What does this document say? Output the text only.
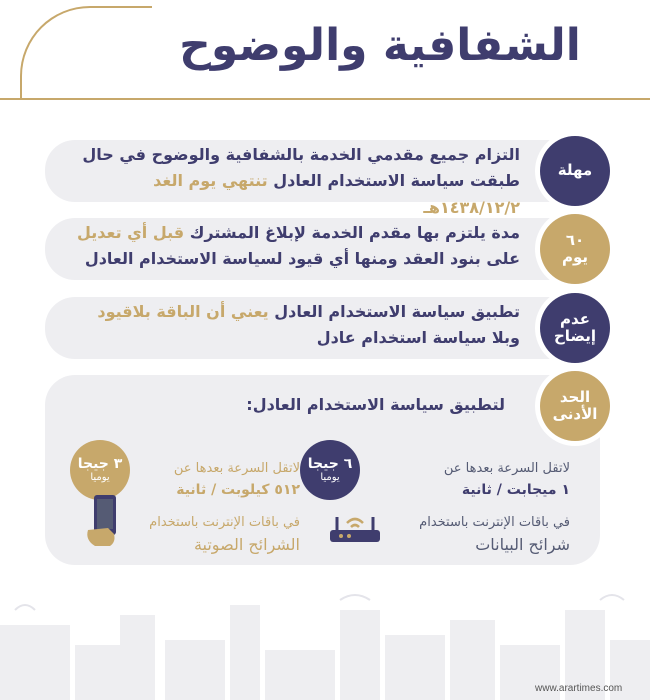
الشفافية والوضوح
مهلة
التزام جميع مقدمي الخدمة بالشفافية والوضوح في حال طبقت سياسة الاستخدام العادل تنتهي يوم الغد ١٤٣٨/١٢/٢هـ
٦٠
يوم
مدة يلتزم بها مقدم الخدمة لإبلاغ المشترك قبل أي تعديل على بنود العقد ومنها أي قيود لسياسة الاستخدام العادل
عدم
إيضاح
تطبيق سياسة الاستخدام العادل يعني أن الباقة بلاقيود وبلا سياسة استخدام عادل
الحد
الأدنى
لتطبيق سياسة الاستخدام العادل:
٦ جيجا
يوميا
لاتقل السرعة بعدها عن
١ ميجابت / ثانية
في باقات الإنترنت باستخدام
شرائح البيانات
٣ جيجا
يوميا
لاتقل السرعة بعدها عن
٥١٢ كيلوبت / ثانية
في باقات الإنترنت باستخدام
الشرائح الصوتية
www.arartimes.com
